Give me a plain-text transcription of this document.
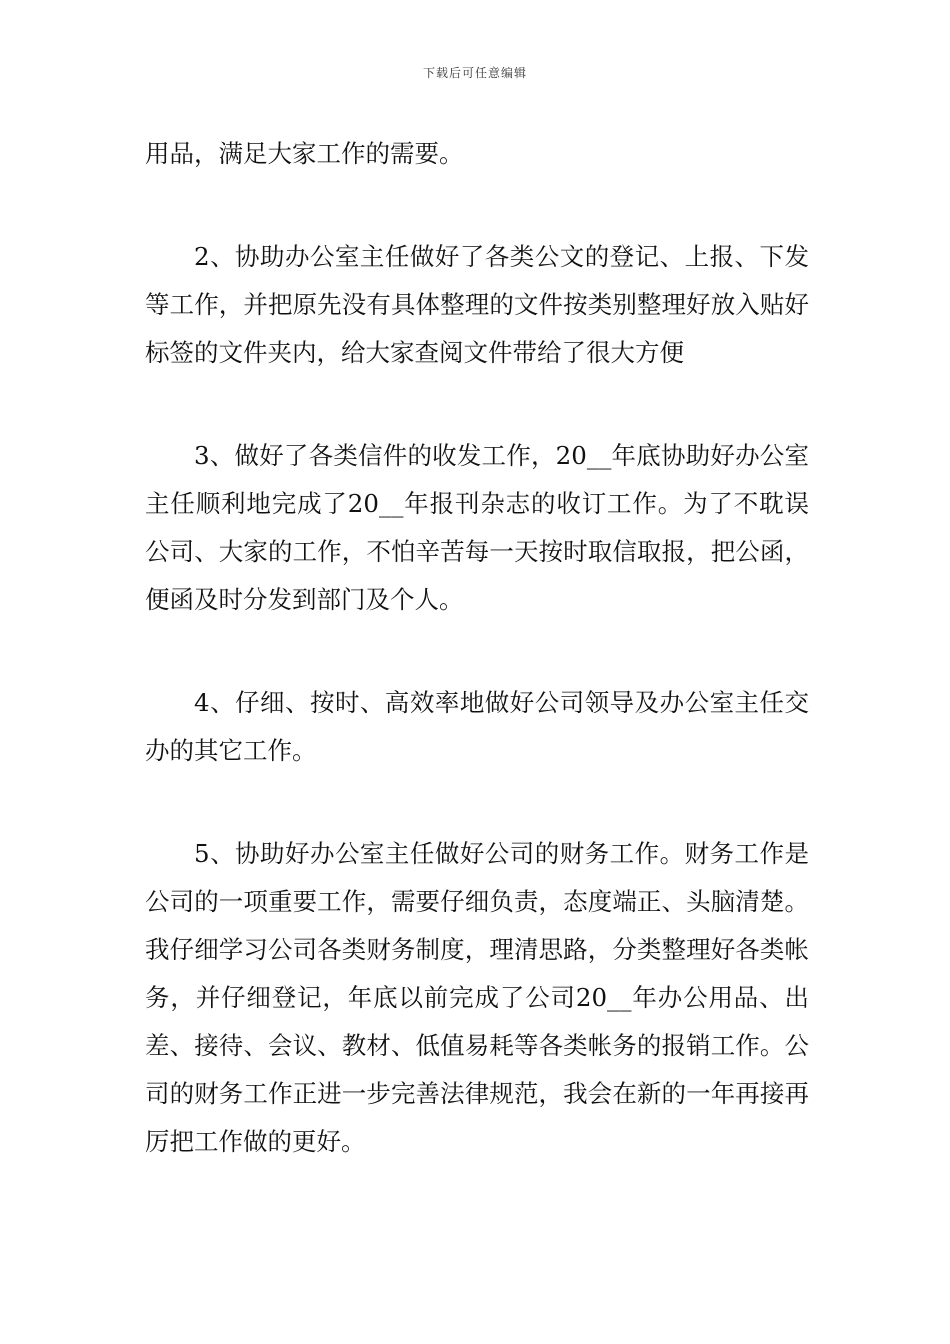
下载后可任意编辑

用品，满足大家工作的需要。

2、协助办公室主任做好了各类公文的登记、上报、下发等工作，并把原先没有具体整理的文件按类别整理好放入贴好标签的文件夹内，给大家查阅文件带给了很大方便

3、做好了各类信件的收发工作，20__年底协助好办公室主任顺利地完成了20__年报刊杂志的收订工作。为了不耽误公司、大家的工作，不怕辛苦每一天按时取信取报，把公函，便函及时分发到部门及个人。

4、仔细、按时、高效率地做好公司领导及办公室主任交办的其它工作。

5、协助好办公室主任做好公司的财务工作。财务工作是公司的一项重要工作，需要仔细负责，态度端正、头脑清楚。我仔细学习公司各类财务制度，理清思路，分类整理好各类帐务，并仔细登记，年底以前完成了公司20__年办公用品、出差、接待、会议、教材、低值易耗等各类帐务的报销工作。公司的财务工作正进一步完善法律规范，我会在新的一年再接再厉把工作做的更好。
